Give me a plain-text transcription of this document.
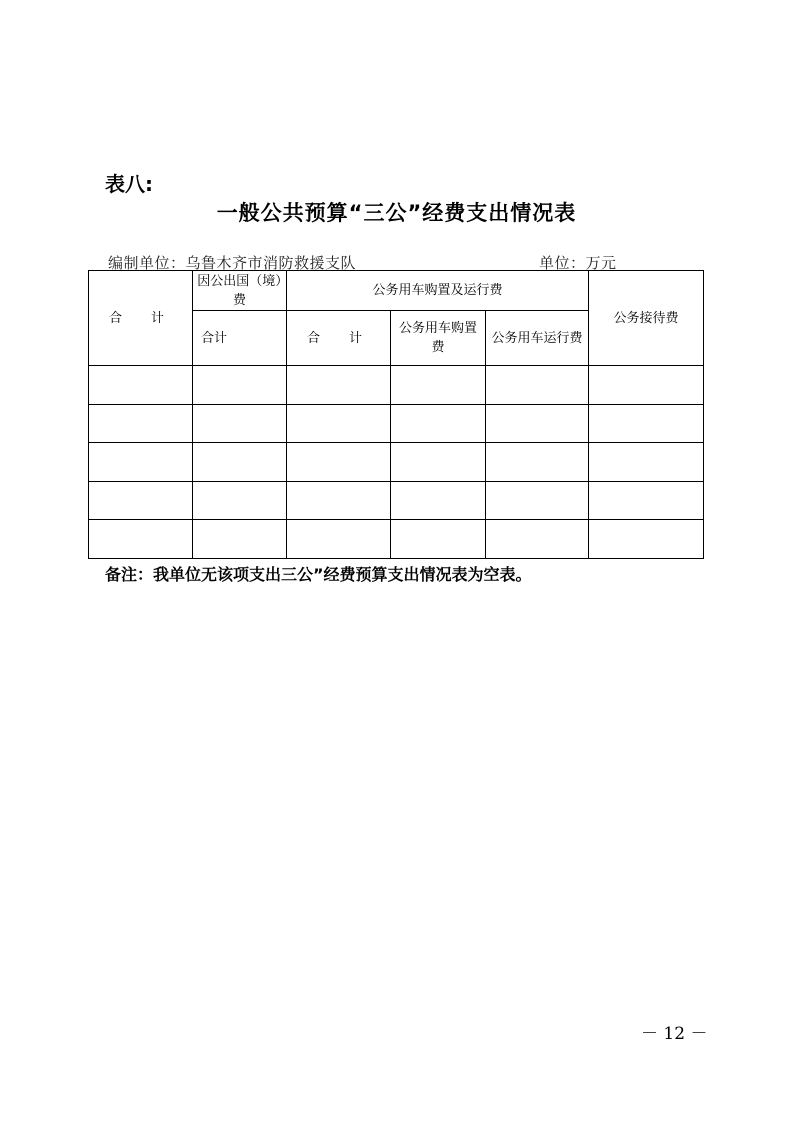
表八:
一般公共预算“三公”经费支出情况表
编制单位：乌鲁木齐市消防救援支队	单位：万元
合　计	因公出国（境）费	公务用车购置及运行费			公务接待费
	合计	合　计	公务用车购置费	公务用车运行费	

备注：我单位无该项支出三公”经费预算支出情况表为空表。
－ 12 －
